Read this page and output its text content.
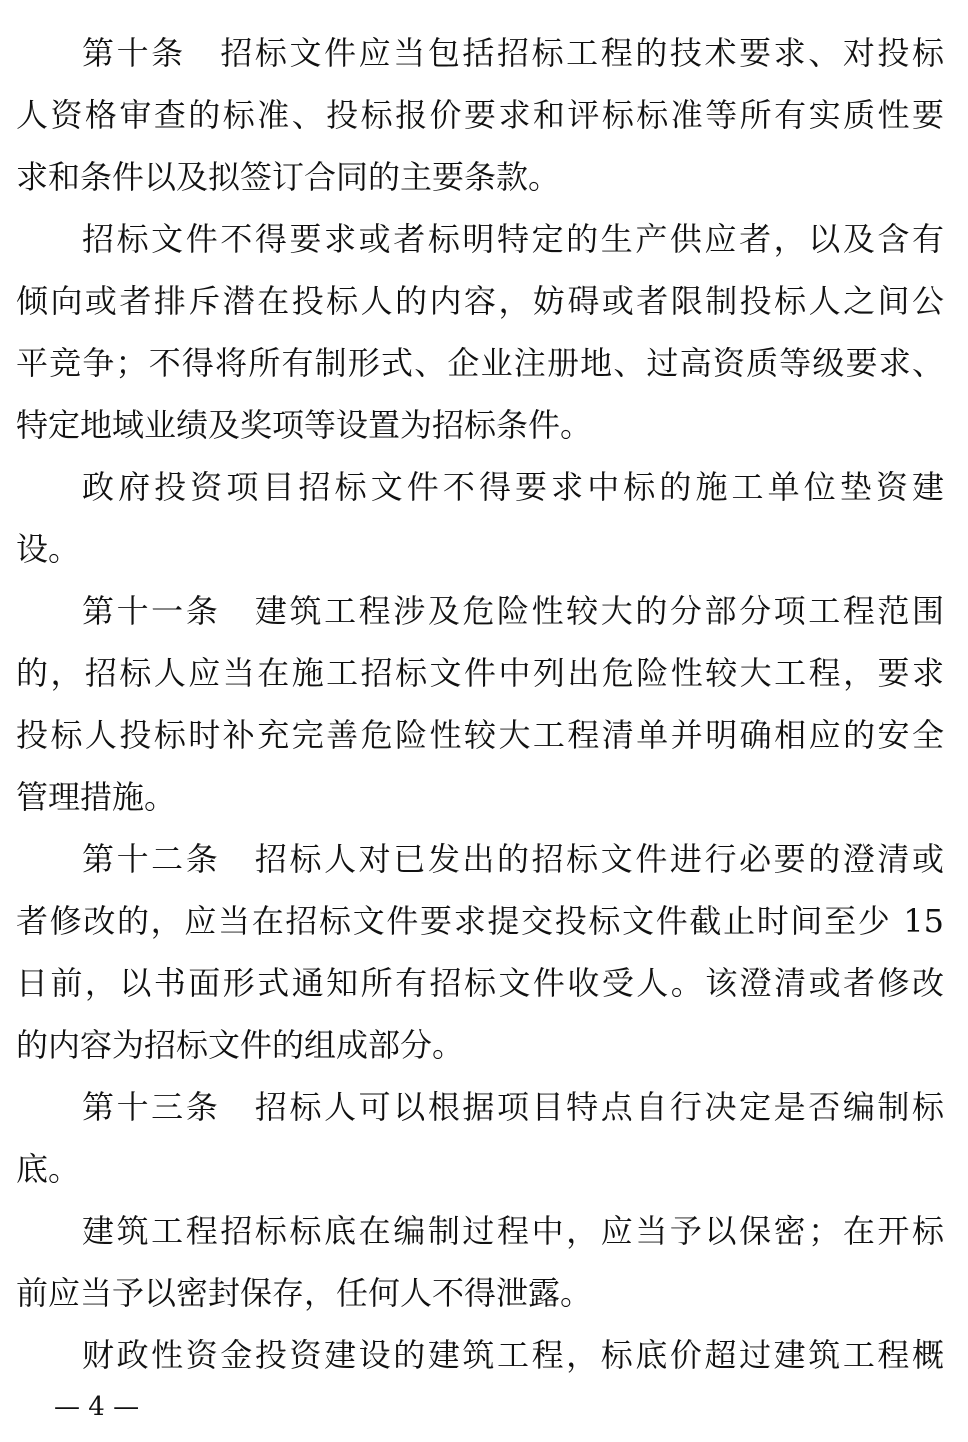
第十条　招标文件应当包括招标工程的技术要求、对投标
人资格审查的标准、投标报价要求和评标标准等所有实质性要
求和条件以及拟签订合同的主要条款。
招标文件不得要求或者标明特定的生产供应者，以及含有
倾向或者排斥潜在投标人的内容，妨碍或者限制投标人之间公
平竞争；不得将所有制形式、企业注册地、过高资质等级要求、
特定地域业绩及奖项等设置为招标条件。
政府投资项目招标文件不得要求中标的施工单位垫资建
设。
第十一条　建筑工程涉及危险性较大的分部分项工程范围
的，招标人应当在施工招标文件中列出危险性较大工程，要求
投标人投标时补充完善危险性较大工程清单并明确相应的安全
管理措施。
第十二条　招标人对已发出的招标文件进行必要的澄清或
者修改的，应当在招标文件要求提交投标文件截止时间至少 15
日前，以书面形式通知所有招标文件收受人。该澄清或者修改
的内容为招标文件的组成部分。
第十三条　招标人可以根据项目特点自行决定是否编制标
底。
建筑工程招标标底在编制过程中，应当予以保密；在开标
前应当予以密封保存，任何人不得泄露。
财政性资金投资建设的建筑工程，标底价超过建筑工程概
— 4 —
